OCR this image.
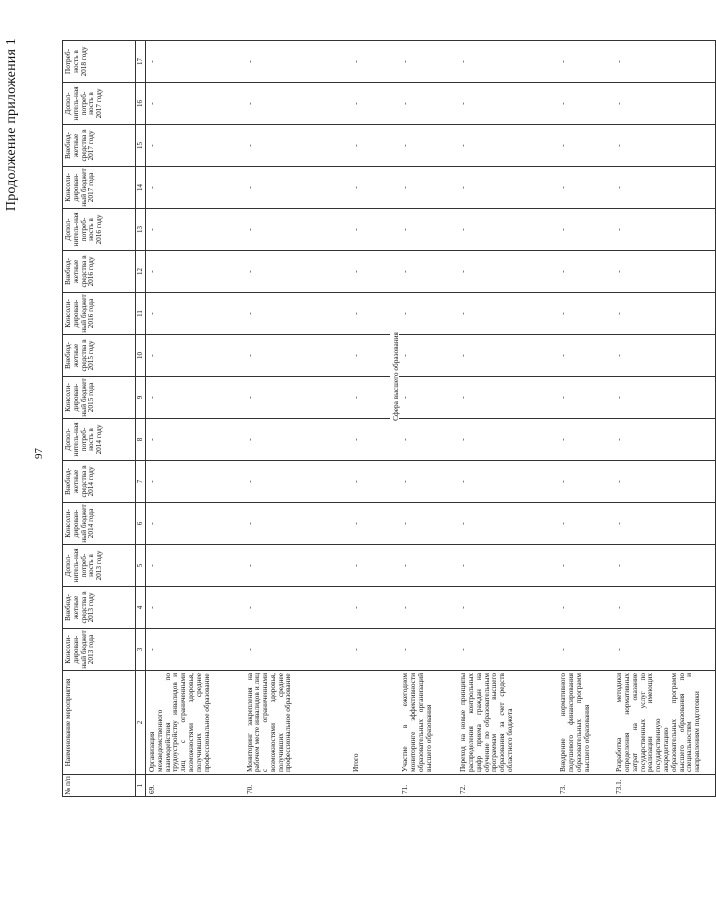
97
Продолжение приложения 1
№ п/п	Наименование мероприятия	Консоли-дирован-ный бюджет 2013 года	Внебюд-жетные средства в 2013 году	Допол-нитель-ная потреб-ность в 2013 году	Консоли-дирован-ный бюджет 2014 года	Внебюд-жетные средства в 2014 году	Допол-нитель-ная потреб-ность в 2014 году	Консоли-дирован-ный бюджет 2015 года	Внебюд-жетные средства в 2015 году	Консоли-дирован-ный бюджет 2016 года	Внебюд-жетные средства в 2016 году	Допол-нитель-ная потреб-ность в 2016 году	Консоли-дирован-ный бюджет 2017 года	Внебюд-жетные средства в 2017 году	Допол-нитель-ная потреб-ность в 2017 году	Потреб-ность в 2018 году
1	2	3	4	5	6	7	8	9	10	11	12	13	14	15	16	17
69.	Организация межведомственного взаимодействия по трудоустройству инвалидов и лиц с ограниченными возможностями здоровья, получивших среднее профессиональное образование	-	-	-	-	-	-	-	-	-	-	-	-	-	-	-
70.	Мониторинг закрепления на рабочем месте инвалидов и лиц с ограниченными возможностями здоровья, получивших среднее профессиональное образование	-	-	-	-	-	-	-	-	-	-	-	-	-	-	-
	Итого	-	-	-	-	-	-	-	-	-	-	-	-	-	-	-
							Сфера высшего образования									
71.	Участие в ежегодном мониторинге эффективности образовательных организаций высшего образования	-	-	-	-	-	-	-	-	-	-	-	-	-	-	-
72.	Переход на новые принципы распределения контрольных цифр приема граждан на обучение по образовательным программам высшего образования за счет средств областного бюджета	-	-	-	-	-	-	-	-	-	-	-	-	-	-	-
73.	Внедрение нормативного подушевого финансирования образовательных программ высшего образования	-	-	-	-	-	-	-	-	-	-	-	-	-	-	-
73.1.	Разработка методики определения нормативных затрат на оказание государственных услуг по реализации имеющих государственную аккредитацию образовательных программ высшего образования по специальностям и направлениям подготовки	-	-	-	-	-	-	-	-	-	-	-	-	-	-	-
